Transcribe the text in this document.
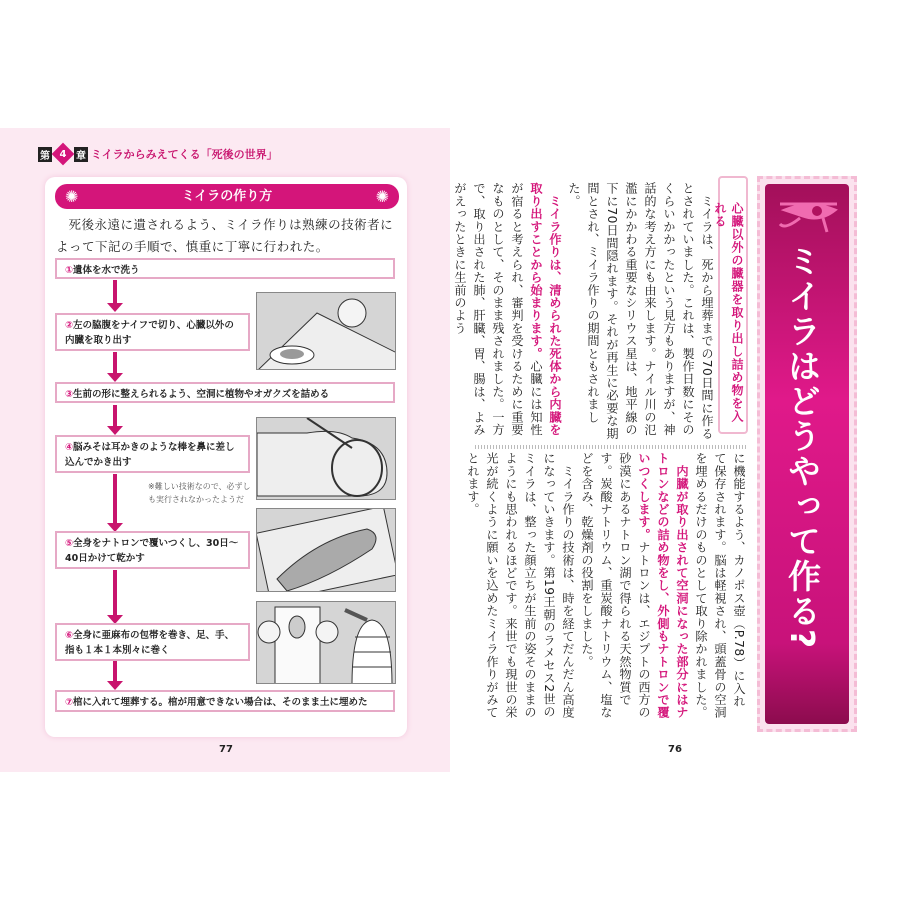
第 4 章 ミイラからみえてくる「死後の世界」
✺	ミイラの作り方	✺
死後永遠に遺されるよう、ミイラ作りは熟練の技術者によって下記の手順で、慎重に丁寧に行われた。
①遺体を水で洗う
②左の脇腹をナイフで切り、心臓以外の内臓を取り出す
③生前の形に整えられるよう、空洞に植物やオガクズを詰める
④脳みそは耳かきのような棒を鼻に差し込んでかき出す
※難しい技術なので、必ずしも実行されなかったようだ
⑤全身をナトロンで覆いつくし、30日～ 40日かけて乾かす
⑥全身に亜麻布の包帯を巻き、足、手、指も１本１本別々に巻く
⑦棺に入れて埋葬する。棺が用意できない場合は、そのまま土に埋めた
77
心臓以外の臓器を取り出し詰め物を入れる
　ミイラは、死から埋葬までの70日間に作るとされていました。これは、製作日数にそのくらいかかったという見方もありますが、神話的な考え方にも由来します。ナイル川の氾濫にかかわる重要なシリウス星は、地平線の下に70日間隠れます。それが再生に必要な期間とされ、ミイラ作りの期間ともされました。
　ミイラ作りは、清められた死体から内臓を取り出すことから始まります。心臓には知性が宿ると考えられ、審判を受けるために重要なものとして、そのまま残されました。一方で、取り出された肺、肝臓、胃、腸は、よみがえったときに生前のよう
に機能するよう、カノポス壺（P.78）に入れて保存されます。脳は軽視され、頭蓋骨の空洞を埋めるだけのものとして取り除かれました。
　内臓が取り出されて空洞になった部分にはナトロンなどの詰め物をし、外側もナトロンで覆いつくします。ナトロンは、エジプトの西方の砂漠にあるナトロン湖で得られる天然物質です。炭酸ナトリウム、重炭酸ナトリウム、塩などを含み、乾燥剤の役割をしました。
　ミイラ作りの技術は、時を経てだんだん高度になっていきます。第19王朝のラメセス2世のミイラは、整った顔立ちが生前の姿そのままのようにも思われるほどです。来世でも現世の栄光が続くように願いを込めたミイラ作りがみてとれます。	ミイラはどうやって作る?
76
